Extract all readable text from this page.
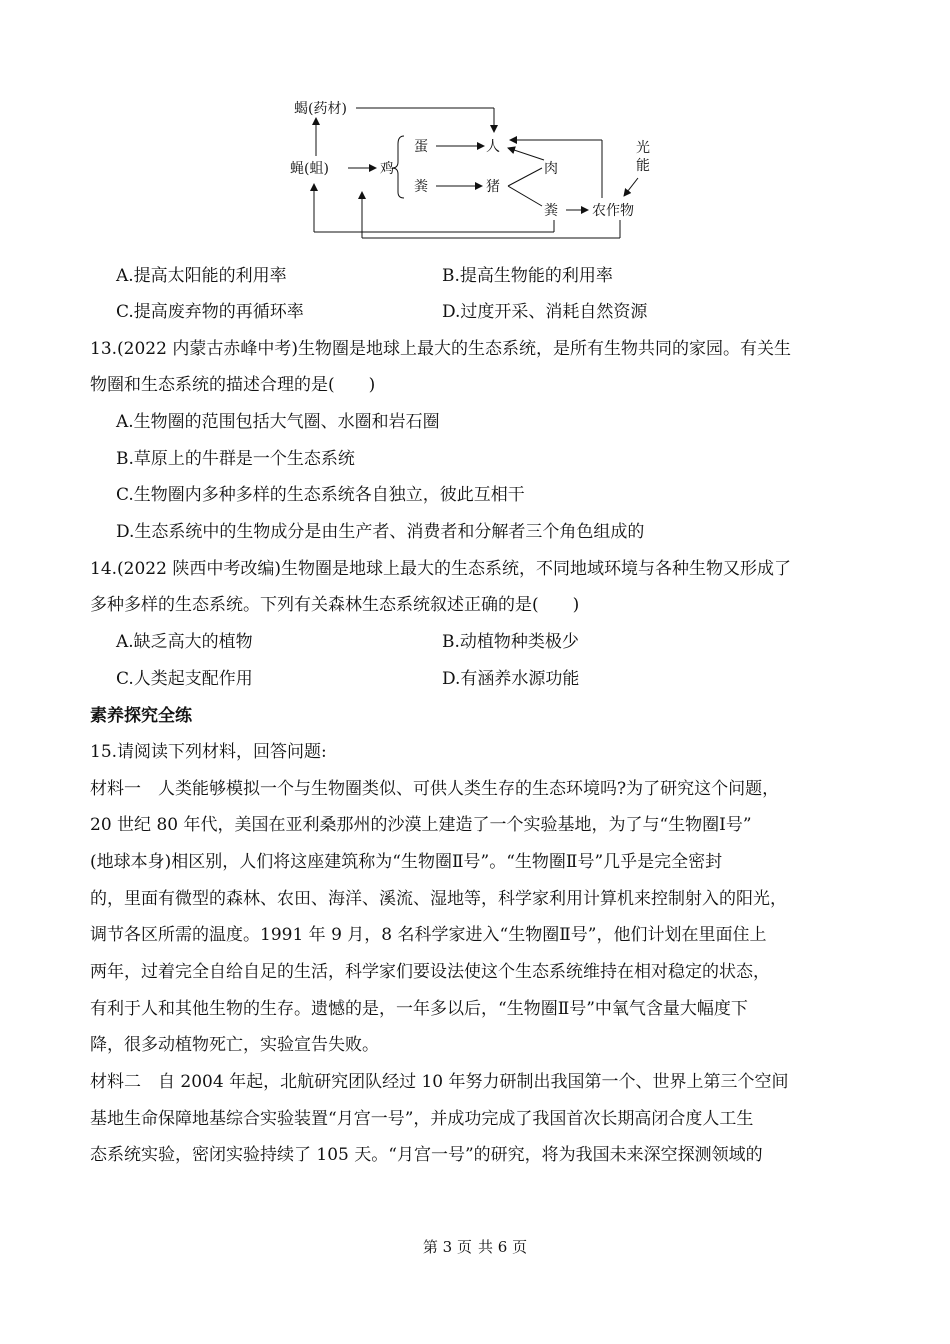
蝎(药材)
蝇(蛆)	鸡
蛋
粪
人
猪
肉
粪 农作物
光
能
A.提高太阳能的利用率	B.提高生物能的利用率
C.提高废弃物的再循环率	D.过度开采、消耗自然资源
13.(2022 内蒙古赤峰中考)生物圈是地球上最大的生态系统，是所有生物共同的家园。有关生
物圈和生态系统的描述合理的是(　　)
A.生物圈的范围包括大气圈、水圈和岩石圈
B.草原上的牛群是一个生态系统
C.生物圈内多种多样的生态系统各自独立，彼此互相干
D.生态系统中的生物成分是由生产者、消费者和分解者三个角色组成的
14.(2022 陕西中考改编)生物圈是地球上最大的生态系统，不同地域环境与各种生物又形成了
多种多样的生态系统。下列有关森林生态系统叙述正确的是(　　)
A.缺乏高大的植物	B.动植物种类极少
C.人类起支配作用	D.有涵养水源功能
素养探究全练
15.请阅读下列材料，回答问题:
材料一　人类能够模拟一个与生物圈类似、可供人类生存的生态环境吗?为了研究这个问题，
20 世纪 80 年代，美国在亚利桑那州的沙漠上建造了一个实验基地，为了与“生物圈Ⅰ号”
(地球本身)相区别，人们将这座建筑称为“生物圈Ⅱ号”。“生物圈Ⅱ号”几乎是完全密封
的，里面有微型的森林、农田、海洋、溪流、湿地等，科学家利用计算机来控制射入的阳光，
调节各区所需的温度。1991 年 9 月，8 名科学家进入“生物圈Ⅱ号”，他们计划在里面住上
两年，过着完全自给自足的生活，科学家们要设法使这个生态系统维持在相对稳定的状态，
有利于人和其他生物的生存。遗憾的是，一年多以后，“生物圈Ⅱ号”中氧气含量大幅度下
降，很多动植物死亡，实验宣告失败。
材料二　自 2004 年起，北航研究团队经过 10 年努力研制出我国第一个、世界上第三个空间
基地生命保障地基综合实验装置“月宫一号”，并成功完成了我国首次长期高闭合度人工生
态系统实验，密闭实验持续了 105 天。“月宫一号”的研究，将为我国未来深空探测领域的
第 3 页 共 6 页
